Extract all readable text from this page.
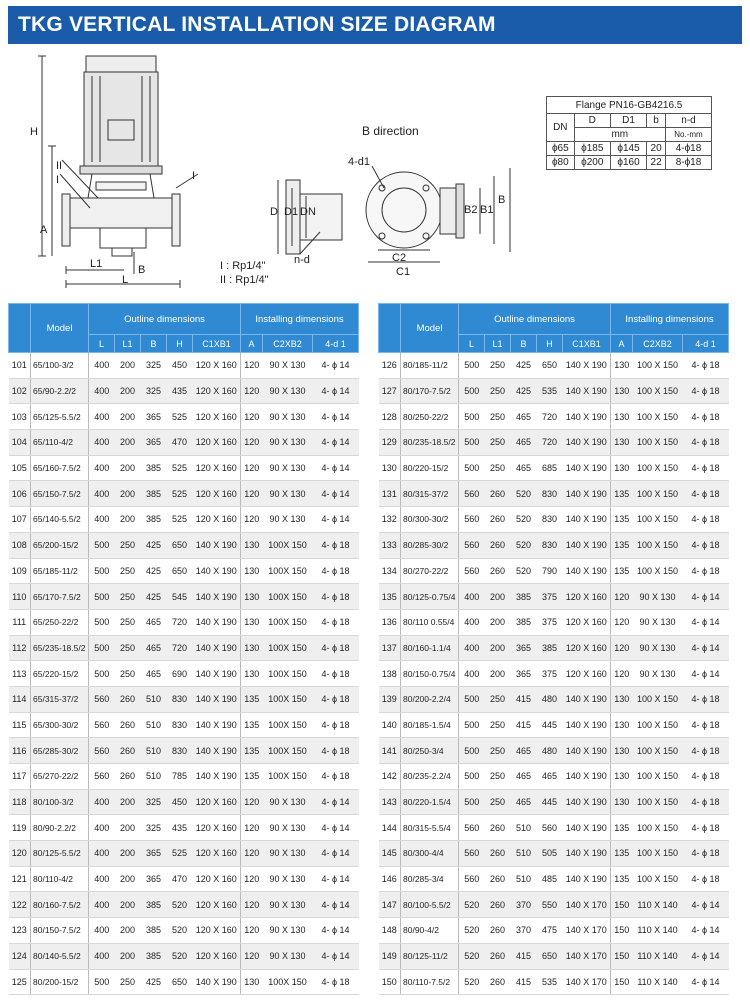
TKG VERTICAL INSTALLATION SIZE DIAGRAM
H
II
I	I
A
L1
L
B	I : Rp1/4"
II : Rp1/4"
B direction
4-d1
D D1 DN
n-d	C2
C1
B2 B1
B
Flange PN16-GB4216.5				
DN	D	D1	b	n-d
	mm			No.-mm
ϕ65	ϕ185	ϕ145	20	4-ϕ18
ϕ80	ϕ200	ϕ160	22	8-ϕ18
	Model	Outline dimensions					Installing dimensions		
		L	L1	B	H	C1XB1	A	C2XB2	4-d 1
101	65/100-3/2	400	200	325	450	120 X 160	120	90 X 130	4- ϕ 14
102	65/90-2.2/2	400	200	325	435	120 X 160	120	90 X 130	4- ϕ 14
103	65/125-5.5/2	400	200	365	525	120 X 160	120	90 X 130	4- ϕ 14
104	65/110-4/2	400	200	365	470	120 X 160	120	90 X 130	4- ϕ 14
105	65/160-7.5/2	400	200	385	525	120 X 160	120	90 X 130	4- ϕ 14
106	65/150-7.5/2	400	200	385	525	120 X 160	120	90 X 130	4- ϕ 14
107	65/140-5.5/2	400	200	385	525	120 X 160	120	90 X 130	4- ϕ 14
108	65/200-15/2	500	250	425	650	140 X 190	130	100X 150	4- ϕ 18
109	65/185-11/2	500	250	425	650	140 X 190	130	100X 150	4- ϕ 18
110	65/170-7.5/2	500	250	425	545	140 X 190	130	100X 150	4- ϕ 18
111	65/250-22/2	500	250	465	720	140 X 190	130	100X 150	4- ϕ 18
112	65/235-18.5/2	500	250	465	720	140 X 190	130	100X 150	4- ϕ 18
113	65/220-15/2	500	250	465	690	140 X 190	130	100X 150	4- ϕ 18
114	65/315-37/2	560	260	510	830	140 X 190	135	100X 150	4- ϕ 18
115	65/300-30/2	560	260	510	830	140 X 190	135	100X 150	4- ϕ 18
116	65/285-30/2	560	260	510	830	140 X 190	135	100X 150	4- ϕ 18
117	65/270-22/2	560	260	510	785	140 X 190	135	100X 150	4- ϕ 18
118	80/100-3/2	400	200	325	450	120 X 160	120	90 X 130	4- ϕ 14
119	80/90-2.2/2	400	200	325	435	120 X 160	120	90 X 130	4- ϕ 14
120	80/125-5.5/2	400	200	365	525	120 X 160	120	90 X 130	4- ϕ 14
121	80/110-4/2	400	200	365	470	120 X 160	120	90 X 130	4- ϕ 14
122	80/160-7.5/2	400	200	385	520	120 X 160	120	90 X 130	4- ϕ 14
123	80/150-7.5/2	400	200	385	520	120 X 160	120	90 X 130	4- ϕ 14
124	80/140-5.5/2	400	200	385	520	120 X 160	120	90 X 130	4- ϕ 14
125	80/200-15/2	500	250	425	650	140 X 190	130	100X 150	4- ϕ 18
	Model	Outline dimensions					Installing dimensions		
		L	L1	B	H	C1XB1	A	C2XB2	4-d 1
126	80/185-11/2	500	250	425	650	140 X 190	130	100 X 150	4- ϕ 18
127	80/170-7.5/2	500	250	425	535	140 X 190	130	100 X 150	4- ϕ 18
128	80/250-22/2	500	250	465	720	140 X 190	130	100 X 150	4- ϕ 18
129	80/235-18.5/2	500	250	465	720	140 X 190	130	100 X 150	4- ϕ 18
130	80/220-15/2	500	250	465	685	140 X 190	130	100 X 150	4- ϕ 18
131	80/315-37/2	560	260	520	830	140 X 190	135	100 X 150	4- ϕ 18
132	80/300-30/2	560	260	520	830	140 X 190	135	100 X 150	4- ϕ 18
133	80/285-30/2	560	260	520	830	140 X 190	135	100 X 150	4- ϕ 18
134	80/270-22/2	560	260	520	790	140 X 190	135	100 X 150	4- ϕ 18
135	80/125-0.75/4	400	200	385	375	120 X 160	120	90 X 130	4- ϕ 14
136	80/110 0.55/4	400	200	385	375	120 X 160	120	90 X 130	4- ϕ 14
137	80/160-1.1/4	400	200	365	385	120 X 160	120	90 X 130	4- ϕ 14
138	80/150-0.75/4	400	200	365	375	120 X 160	120	90 X 130	4- ϕ 14
139	80/200-2.2/4	500	250	415	480	140 X 190	130	100 X 150	4- ϕ 18
140	80/185-1.5/4	500	250	415	445	140 X 190	130	100 X 150	4- ϕ 18
141	80/250-3/4	500	250	465	480	140 X 190	130	100 X 150	4- ϕ 18
142	80/235-2.2/4	500	250	465	465	140 X 190	130	100 X 150	4- ϕ 18
143	80/220-1.5/4	500	250	465	445	140 X 190	130	100 X 150	4- ϕ 18
144	80/315-5.5/4	560	260	510	560	140 X 190	135	100 X 150	4- ϕ 18
145	80/300-4/4	560	260	510	505	140 X 190	135	100 X 150	4- ϕ 18
146	80/285-3/4	560	260	510	485	140 X 190	135	100 X 150	4- ϕ 18
147	80/100-5.5/2	520	260	370	550	140 X 170	150	110 X 140	4- ϕ 14
148	80/90-4/2	520	260	370	475	140 X 170	150	110 X 140	4- ϕ 14
149	80/125-11/2	520	260	415	650	140 X 170	150	110 X 140	4- ϕ 14
150	80/110-7.5/2	520	260	415	535	140 X 170	150	110 X 140	4- ϕ 14
